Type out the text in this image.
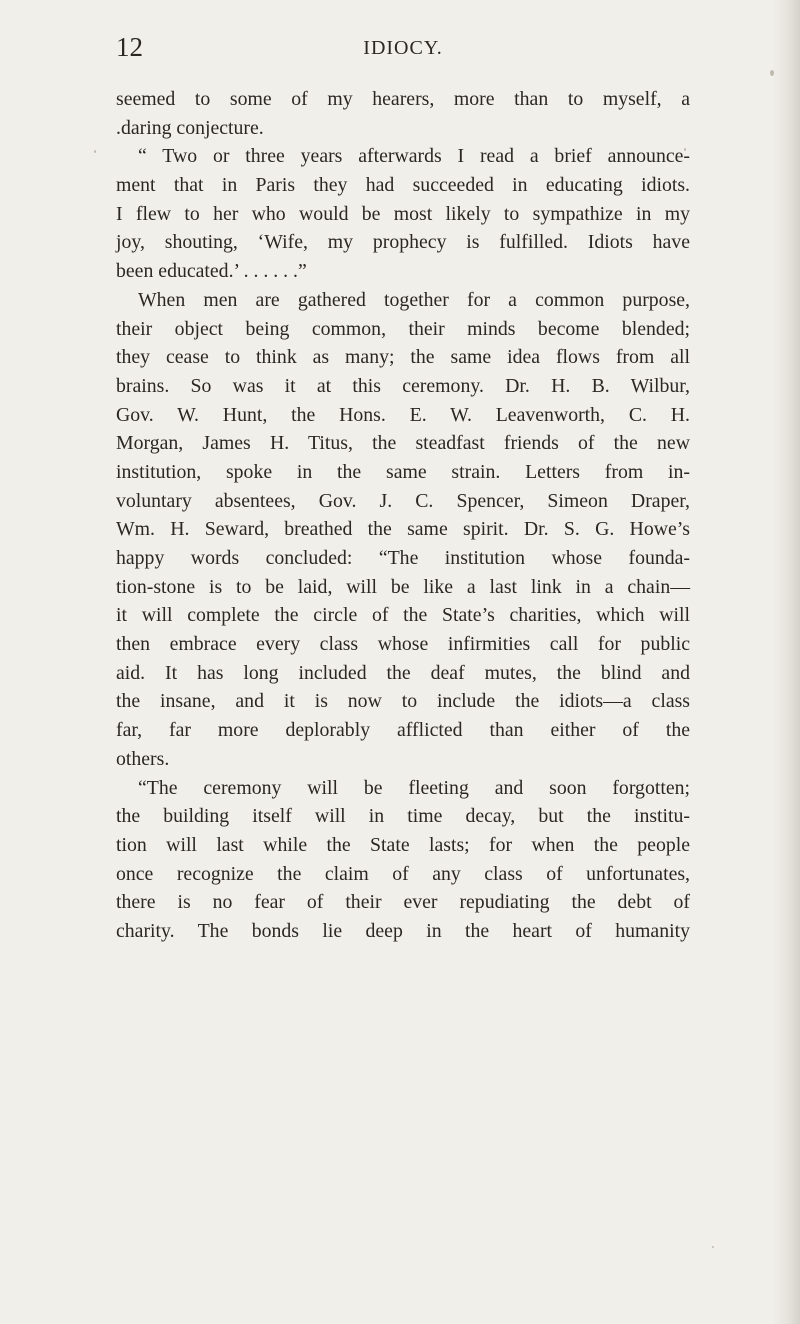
12	IDIOCY.
seemed to some of my hearers, more than to myself, a
.daring conjecture.
“ Two or three years afterwards I read a brief announce-
ment that in Paris they had succeeded in educating idiots.
I flew to her who would be most likely to sympathize in my
joy, shouting, ‘Wife, my prophecy is fulfilled. Idiots have
been educated.’ . . . . . .”
When men are gathered together for a common purpose,
their object being common, their minds become blended;
they cease to think as many; the same idea flows from all
brains. So was it at this ceremony. Dr. H. B. Wilbur,
Gov. W. Hunt, the Hons. E. W. Leavenworth, C. H.
Morgan, James H. Titus, the steadfast friends of the new
institution, spoke in the same strain. Letters from in-
voluntary absentees, Gov. J. C. Spencer, Simeon Draper,
Wm. H. Seward, breathed the same spirit. Dr. S. G. Howe’s
happy words concluded: “The institution whose founda-
tion-stone is to be laid, will be like a last link in a chain—
it will complete the circle of the State’s charities, which will
then embrace every class whose infirmities call for public
aid. It has long included the deaf mutes, the blind and
the insane, and it is now to include the idiots—a class
far, far more deplorably afflicted than either of the
others.
“The ceremony will be fleeting and soon forgotten;
the building itself will in time decay, but the institu-
tion will last while the State lasts; for when the people
once recognize the claim of any class of unfortunates,
there is no fear of their ever repudiating the debt of
charity. The bonds lie deep in the heart of humanity
